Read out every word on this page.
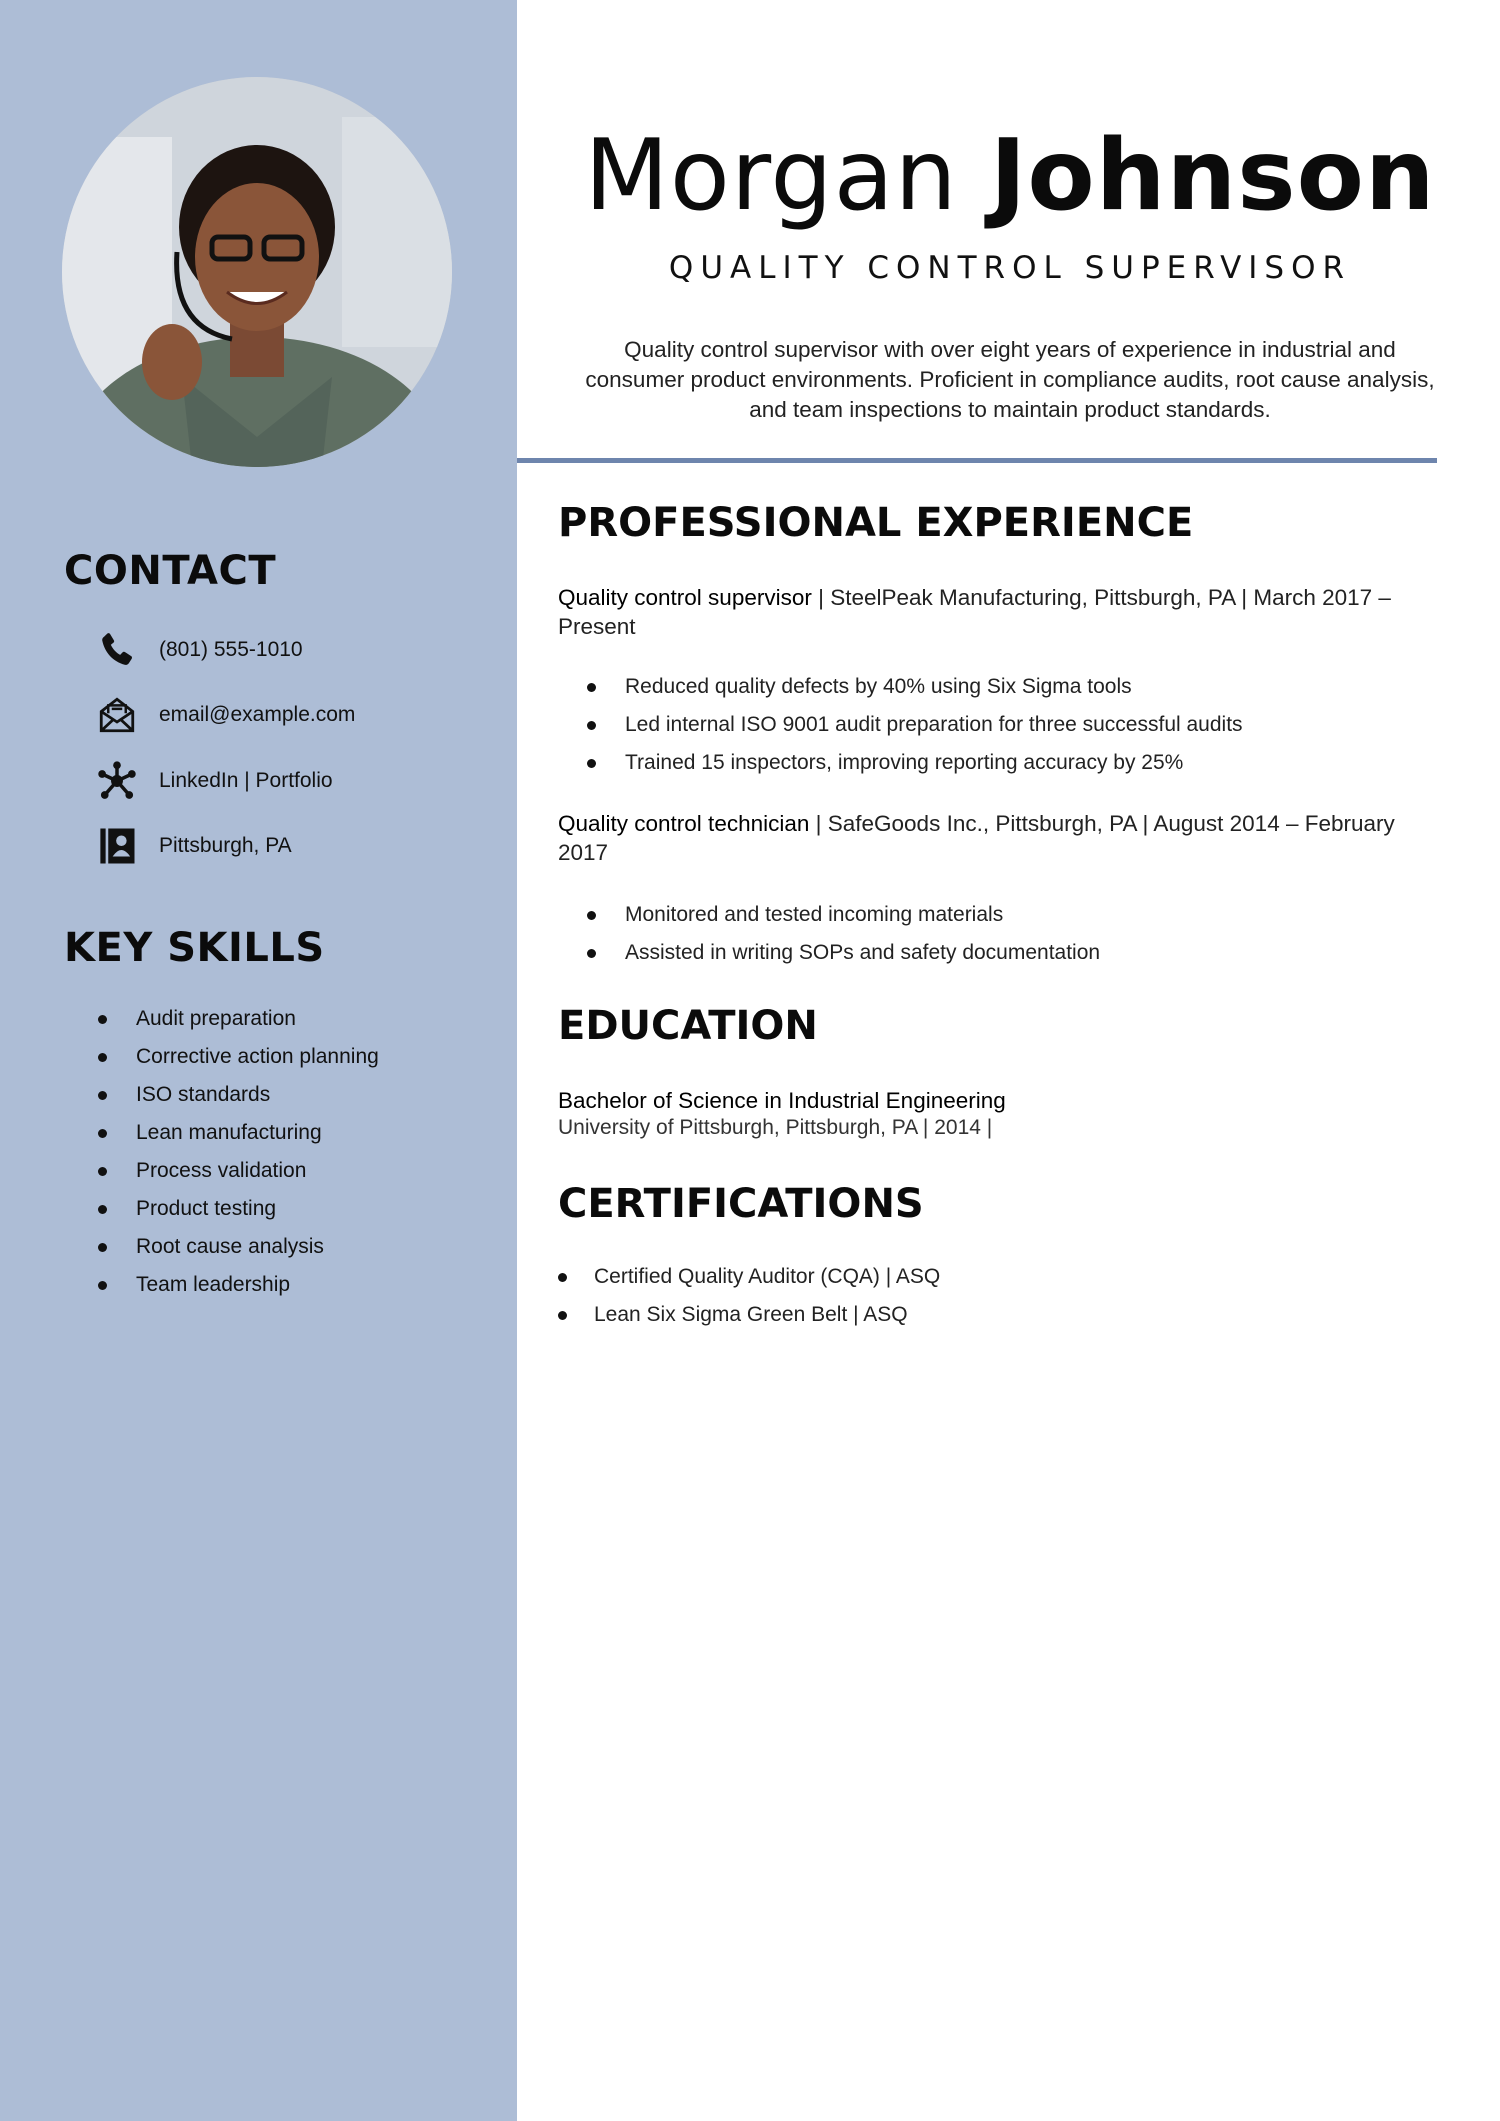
CONTACT
(801) 555-1010
email@example.com
LinkedIn | Portfolio
Pittsburgh, PA
KEY SKILLS
Audit preparation
Corrective action planning
ISO standards
Lean manufacturing
Process validation
Product testing
Root cause analysis
Team leadership
Morgan Johnson
QUALITY CONTROL SUPERVISOR
Quality control supervisor with over eight years of experience in industrial and consumer product environments. Proficient in compliance audits, root cause analysis, and team inspections to maintain product standards.
PROFESSIONAL EXPERIENCE
Quality control supervisor | SteelPeak Manufacturing, Pittsburgh, PA | March 2017 – Present
Reduced quality defects by 40% using Six Sigma tools
Led internal ISO 9001 audit preparation for three successful audits
Trained 15 inspectors, improving reporting accuracy by 25%
Quality control technician | SafeGoods Inc., Pittsburgh, PA | August 2014 – February 2017
Monitored and tested incoming materials
Assisted in writing SOPs and safety documentation
EDUCATION
Bachelor of Science in Industrial Engineering
University of Pittsburgh, Pittsburgh, PA | 2014 |
CERTIFICATIONS
Certified Quality Auditor (CQA) | ASQ
Lean Six Sigma Green Belt | ASQ
